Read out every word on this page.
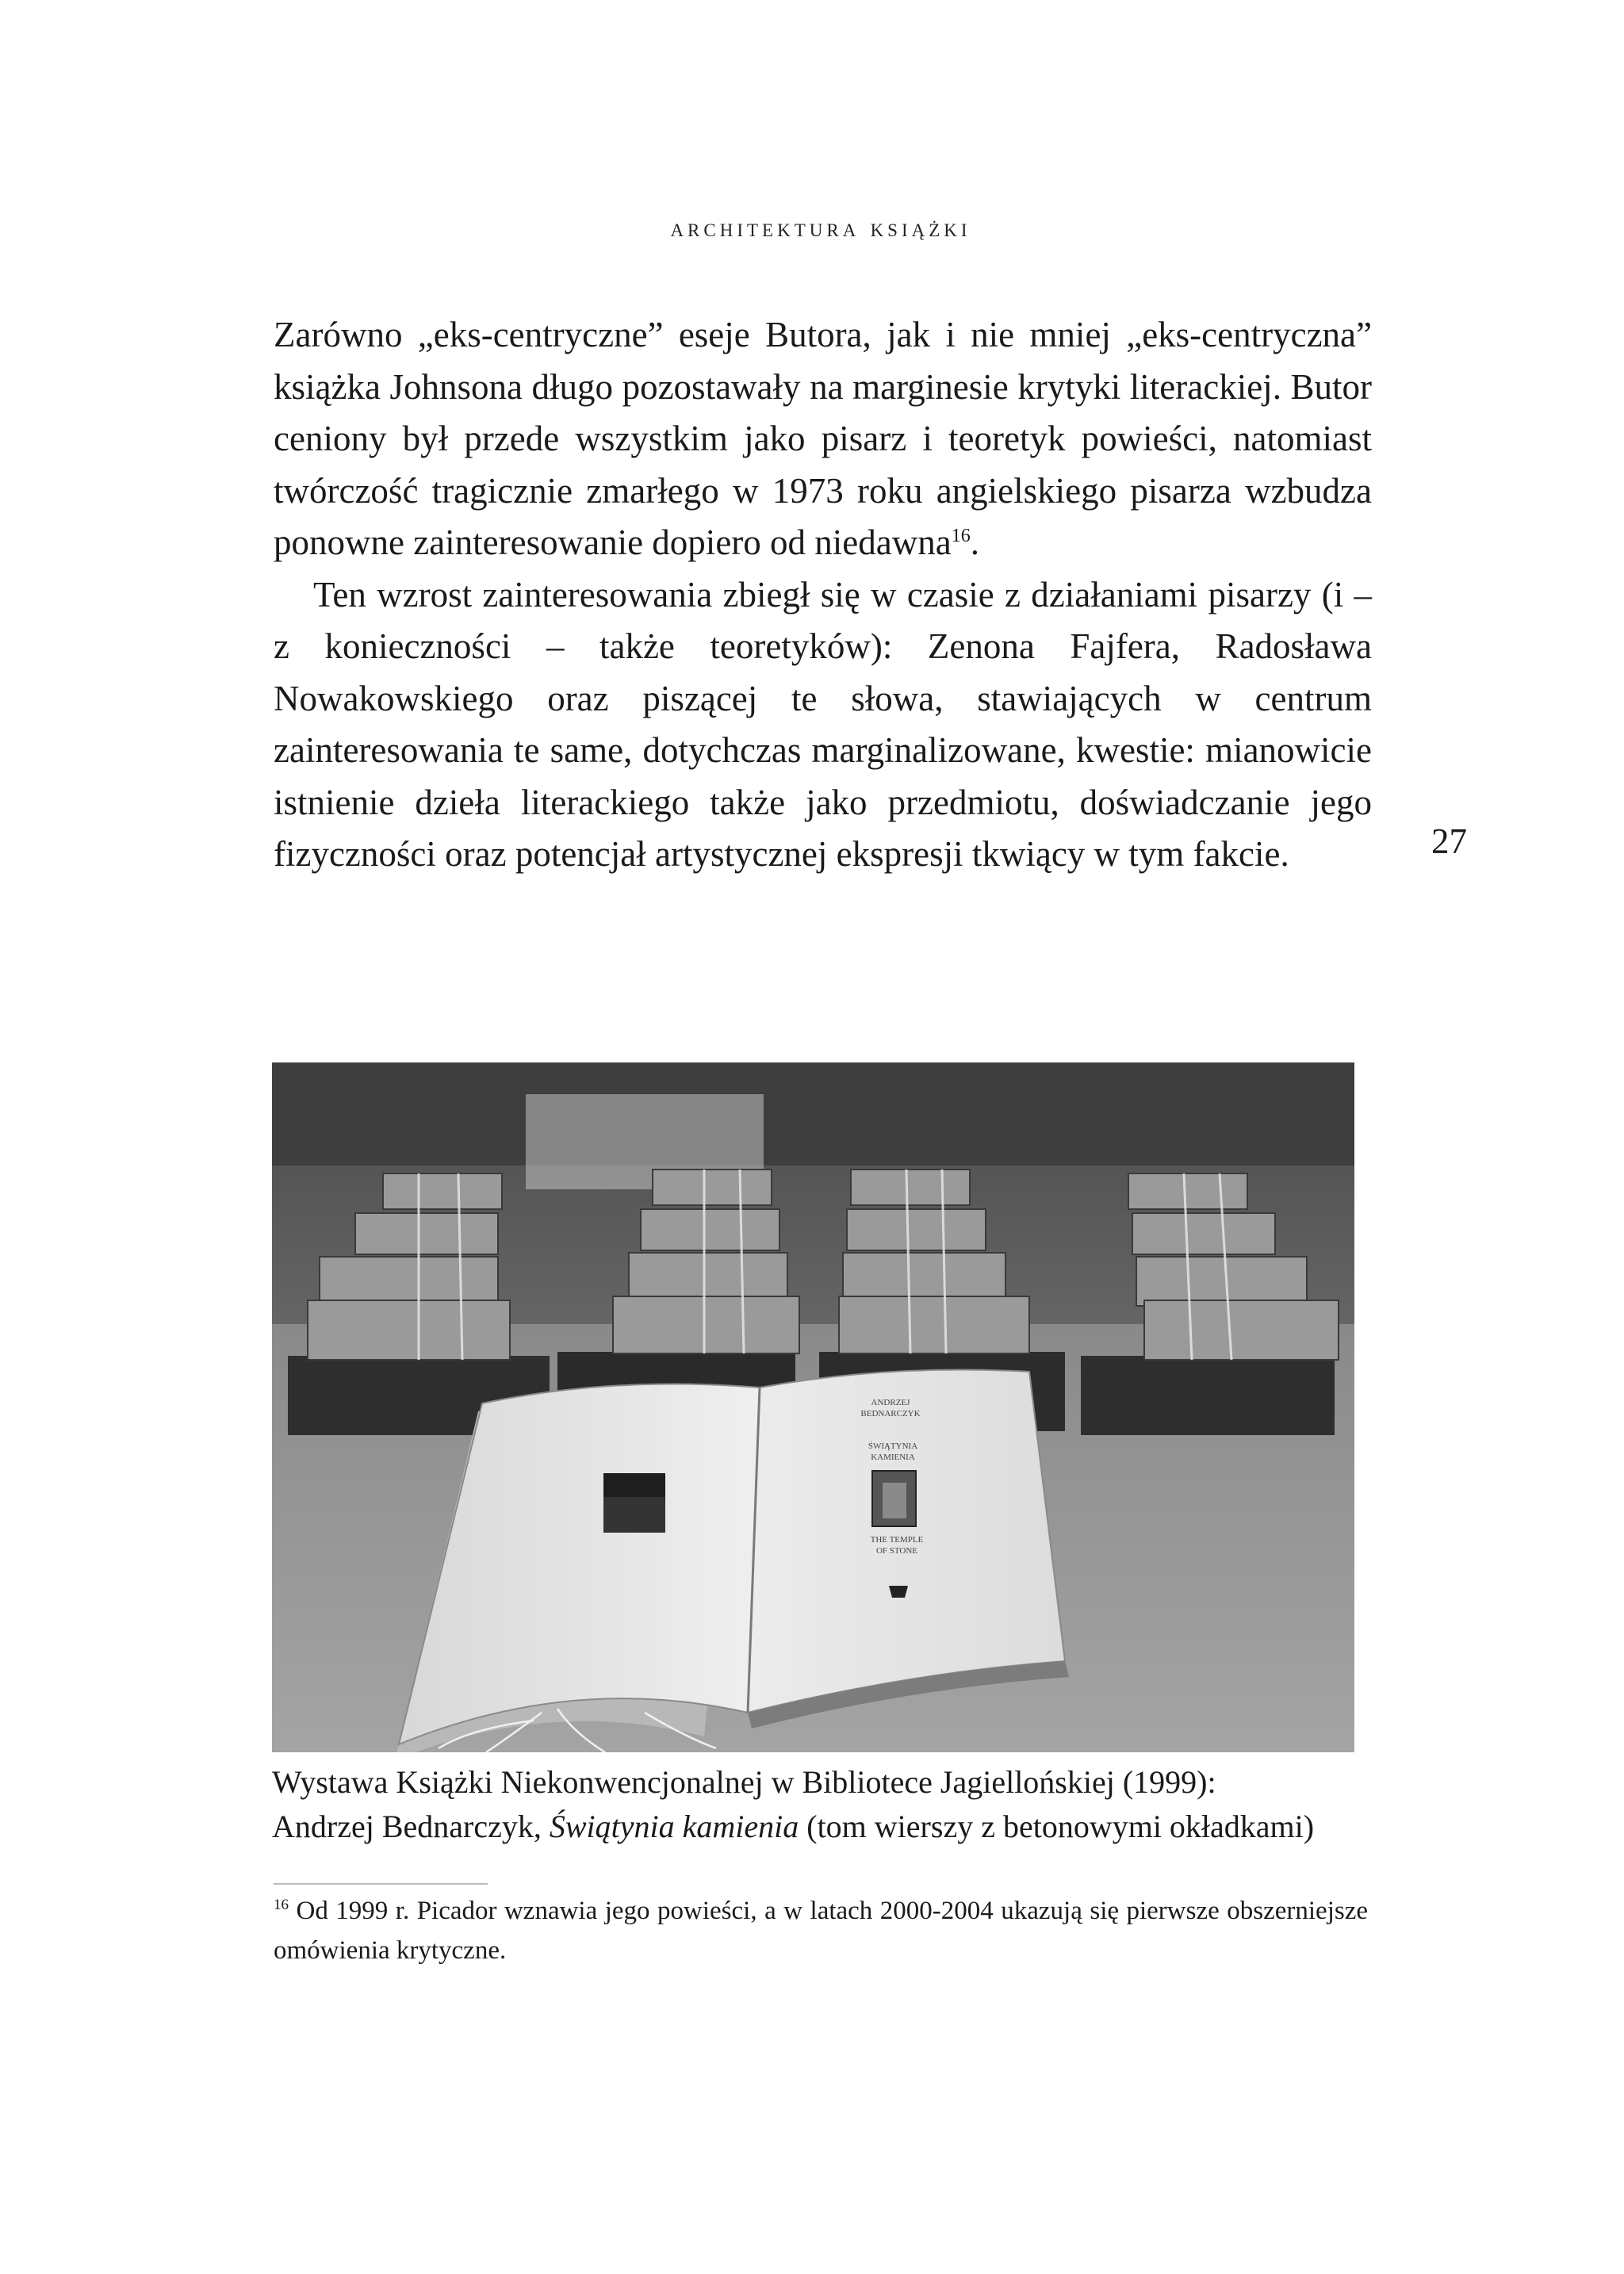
architektura książki

Zarówno „eks-centryczne” eseje Butora, jak i nie mniej „eks-centryczna” książka Johnsona długo pozostawały na marginesie krytyki literackiej. Butor ceniony był przede wszystkim jako pisarz i teoretyk powieści, natomiast twórczość tragicznie zmarłego w 1973 roku angielskiego pisarza wzbudza ponowne zainteresowanie dopiero od niedawna$^{16}$.

Ten wzrost zainteresowania zbiegł się w czasie z działaniami pisarzy (i – z konieczności – także teoretyków): Zenona Fajfera, Radosława Nowakowskiego oraz piszącej te słowa, stawiających w centrum zainteresowania te same, dotychczas marginalizowane, kwestie: mianowicie istnienie dzieła literackiego także jako przedmiotu, doświadczanie jego fizyczności oraz potencjał artystycznej ekspresji tkwiący w tym fakcie.	27
ANDRZEJ
BEDNARCZYK
ŚWIĄTYNIA
KAMIENIA
THE TEMPLE
OF STONE
Wystawa Książki Niekonwencjonalnej w Bibliotece Jagiellońskiej (1999):
Andrzej Bednarczyk, Świątynia kamienia (tom wierszy z betonowymi okładkami)
$^{16}$ Od 1999 r. Picador wznawia jego powieści, a w latach 2000-2004 ukazują się pierwsze obszerniejsze omówienia krytyczne.
